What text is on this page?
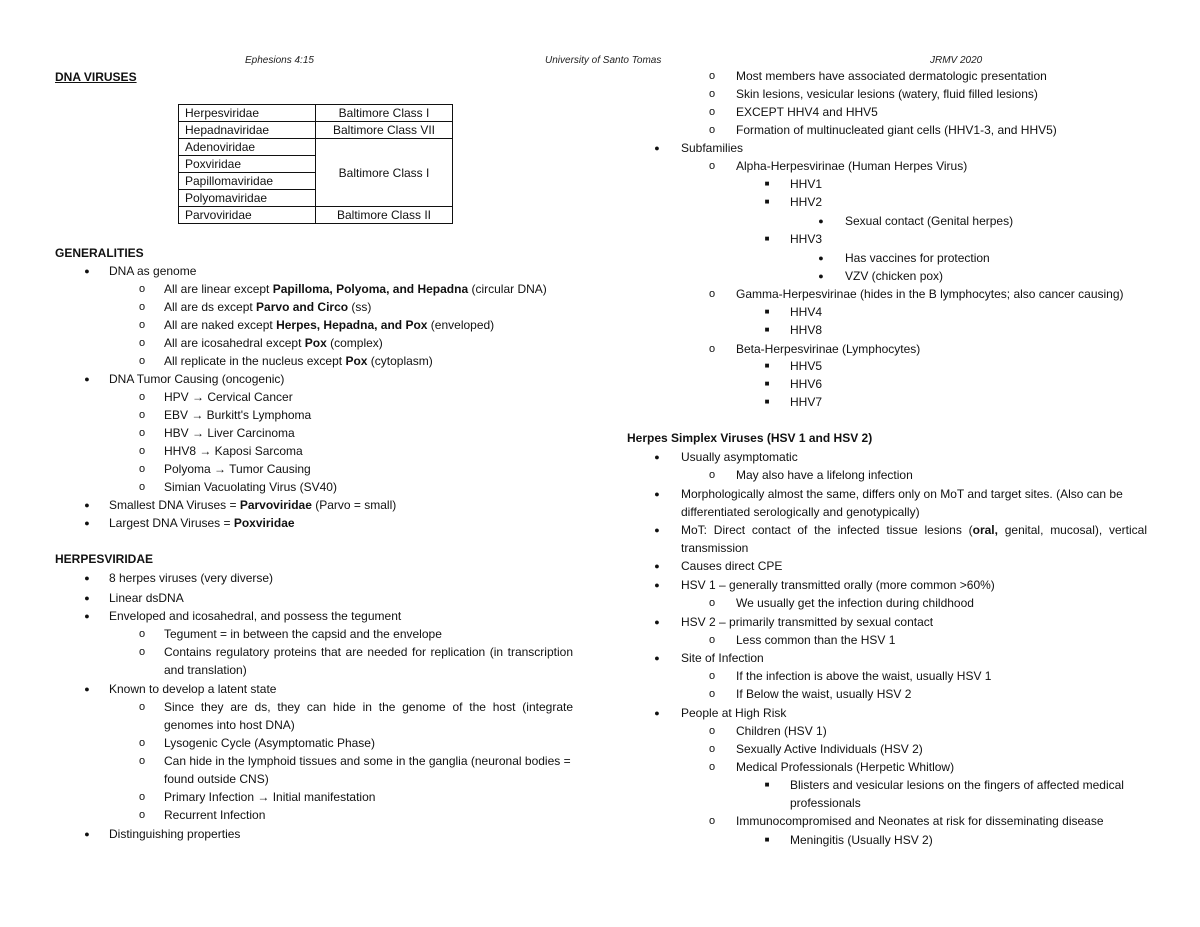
Ephesions 4:15	University of Santo Tomas	JRMV 2020
DNA VIRUSES
Herpesviridae	Baltimore Class I
Hepadnaviridae	Baltimore Class VII
Adenoviridae	Baltimore Class I
Poxviridae	
Papillomaviridae	
Polyomaviridae	
Parvoviridae	Baltimore Class II
GENERALITIES
●	DNA as genome
o	All are linear except Papilloma, Polyoma, and Hepadna (circular DNA)
o	All are ds except Parvo and Circo (ss)
o	All are naked except Herpes, Hepadna, and Pox (enveloped)
o	All are icosahedral except Pox (complex)
o	All replicate in the nucleus except Pox (cytoplasm)
●	DNA Tumor Causing (oncogenic)
o	HPV → Cervical Cancer
o	EBV → Burkitt's Lymphoma
o	HBV → Liver Carcinoma
o	HHV8 → Kaposi Sarcoma
o	Polyoma → Tumor Causing
o	Simian Vacuolating Virus (SV40)
●	Smallest DNA Viruses = Parvoviridae (Parvo = small)
●	Largest DNA Viruses = Poxviridae
HERPESVIRIDAE
●	8 herpes viruses (very diverse)
●	Linear dsDNA
●	Enveloped and icosahedral, and possess the tegument
o	Tegument = in between the capsid and the envelope
o	Contains regulatory proteins that are needed for replication (in transcription and translation)
●	Known to develop a latent state
o	Since they are ds, they can hide in the genome of the host (integrate genomes into host DNA)
o	Lysogenic Cycle (Asymptomatic Phase)
o	Can hide in the lymphoid tissues and some in the ganglia (neuronal bodies = found outside CNS)
o	Primary Infection → Initial manifestation
o	Recurrent Infection
●	Distinguishing properties
o	Most members have associated dermatologic presentation
o	Skin lesions, vesicular lesions (watery, fluid filled lesions)
o	EXCEPT HHV4 and HHV5
o	Formation of multinucleated giant cells (HHV1-3, and HHV5)
●	Subfamilies
o	Alpha-Herpesvirinae (Human Herpes Virus)
■	HHV1
■	HHV2
●	Sexual contact (Genital herpes)
■	HHV3
●	Has vaccines for protection
●	VZV (chicken pox)
o	Gamma-Herpesvirinae (hides in the B lymphocytes; also cancer causing)
■	HHV4
■	HHV8
o	Beta-Herpesvirinae (Lymphocytes)
■	HHV5
■	HHV6
■	HHV7
Herpes Simplex Viruses (HSV 1 and HSV 2)
●	Usually asymptomatic
o	May also have a lifelong infection
●	Morphologically almost the same, differs only on MoT and target sites. (Also can be differentiated serologically and genotypically)
●	MoT: Direct contact of the infected tissue lesions (oral, genital, mucosal), vertical transmission
●	Causes direct CPE
●	HSV 1 – generally transmitted orally (more common >60%)
o	We usually get the infection during childhood
●	HSV 2 – primarily transmitted by sexual contact
o	Less common than the HSV 1
●	Site of Infection
o	If the infection is above the waist, usually HSV 1
o	If Below the waist, usually HSV 2
●	People at High Risk
o	Children (HSV 1)
o	Sexually Active Individuals (HSV 2)
o	Medical Professionals (Herpetic Whitlow)
■	Blisters and vesicular lesions on the fingers of affected medical professionals
o	Immunocompromised and Neonates at risk for disseminating disease
■	Meningitis (Usually HSV 2)
